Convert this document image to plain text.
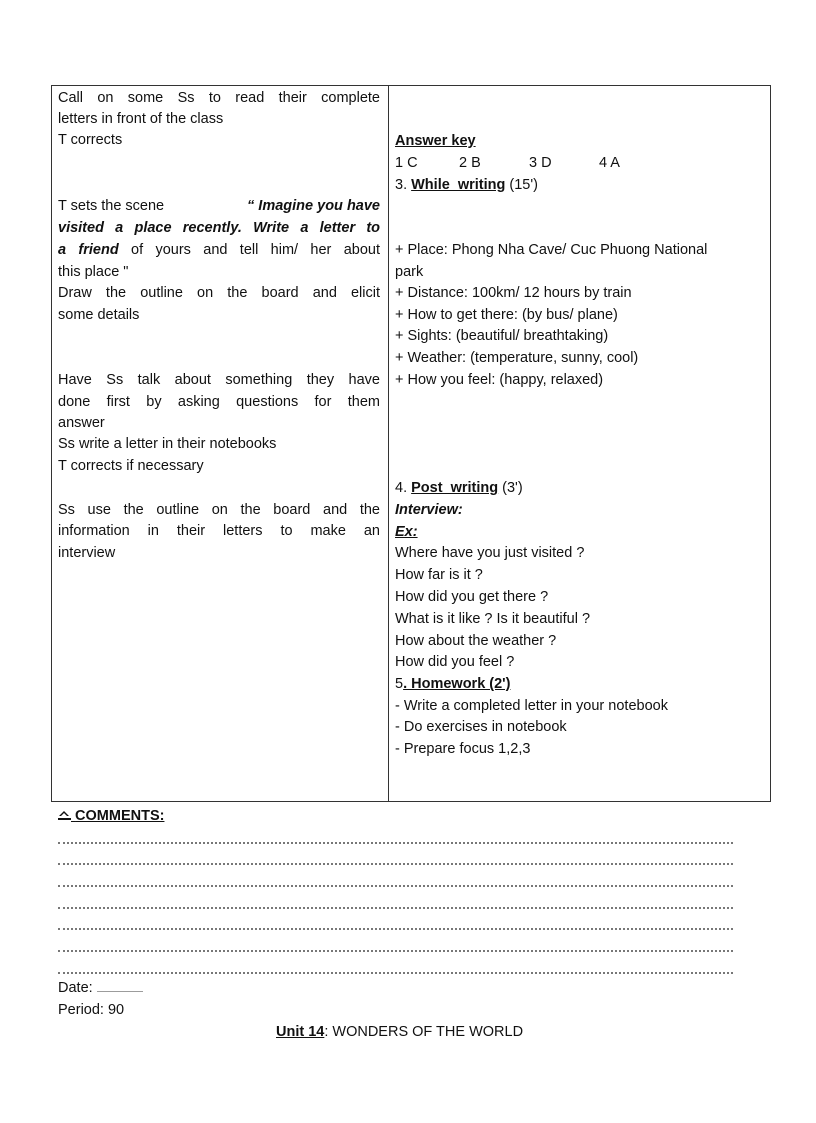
Call on some Ss to read their complete
letters in front of the class
T corrects
T sets the scene	“ Imagine you have
visited a place recently. Write a letter to
a friend of yours and tell him/ her about
this place "
Draw the outline on the board and elicit
some details
Have Ss talk about something they have
done first by asking questions for them
answer
Ss write a letter in their notebooks
T corrects if necessary
Ss use the outline on the board and the
information in their letters to make an
interview
Answer key
1 C	2 B	3 D	4 A
3. While_writing (15')
+ Place: Phong Nha Cave/ Cuc Phuong National
park
+ Distance: 100km/ 12 hours by train
+ How to get there: (by bus/ plane)
+ Sights: (beautiful/ breathtaking)
+ Weather: (temperature, sunny, cool)
+ How you feel: (happy, relaxed)
4. Post_writing (3')
Interview:
Ex:
Where have you just visited ?
How far is it ?
How did you get there ?
What is it like ? Is it beautiful ?
How about the weather ?
How did you feel ?
5. Homework (2')
- Write a completed letter in your notebook
- Do exercises in notebook
- Prepare focus 1,2,3
COMMENTS:
Date: .......................
Period: 90
Unit 14: WONDERS OF THE WORLD
